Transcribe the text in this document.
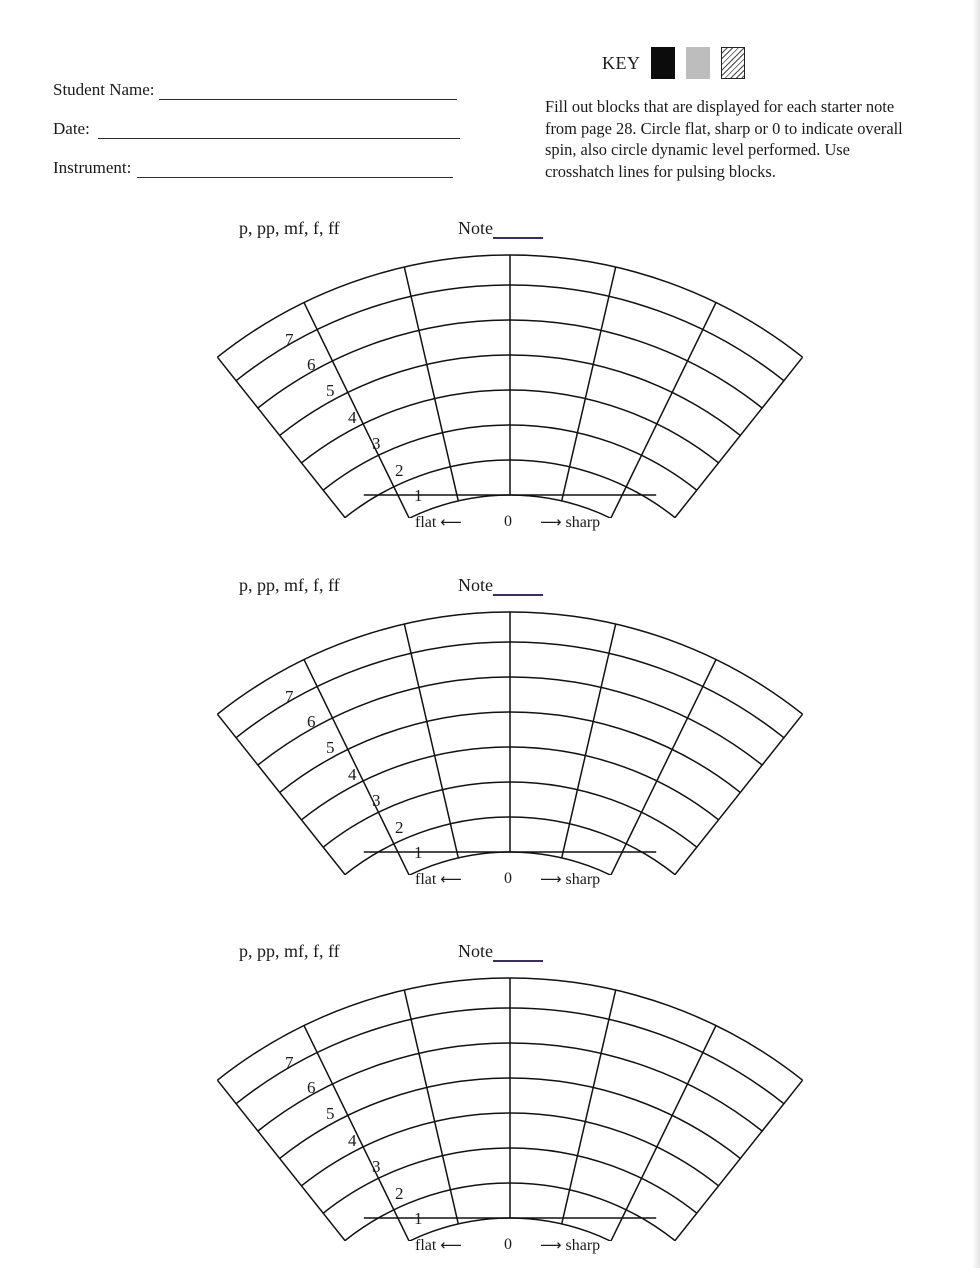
Student Name:
Date:
Instrument:
KEY

Fill out blocks that are displayed for each starter note from page 28. Circle flat, sharp or 0 to indicate overall spin, also circle dynamic level performed. Use crosshatch lines for pulsing blocks.

p, pp, mf, f, ff	Note
1
2
3
4
5
6
7
flat ⟵	0 ⟶ sharp
p, pp, mf, f, ff	Note
1
2
3
4
5
6
7
flat ⟵	0 ⟶ sharp
p, pp, mf, f, ff	Note
1
2
3
4
5
6
7
flat ⟵	0 ⟶ sharp
